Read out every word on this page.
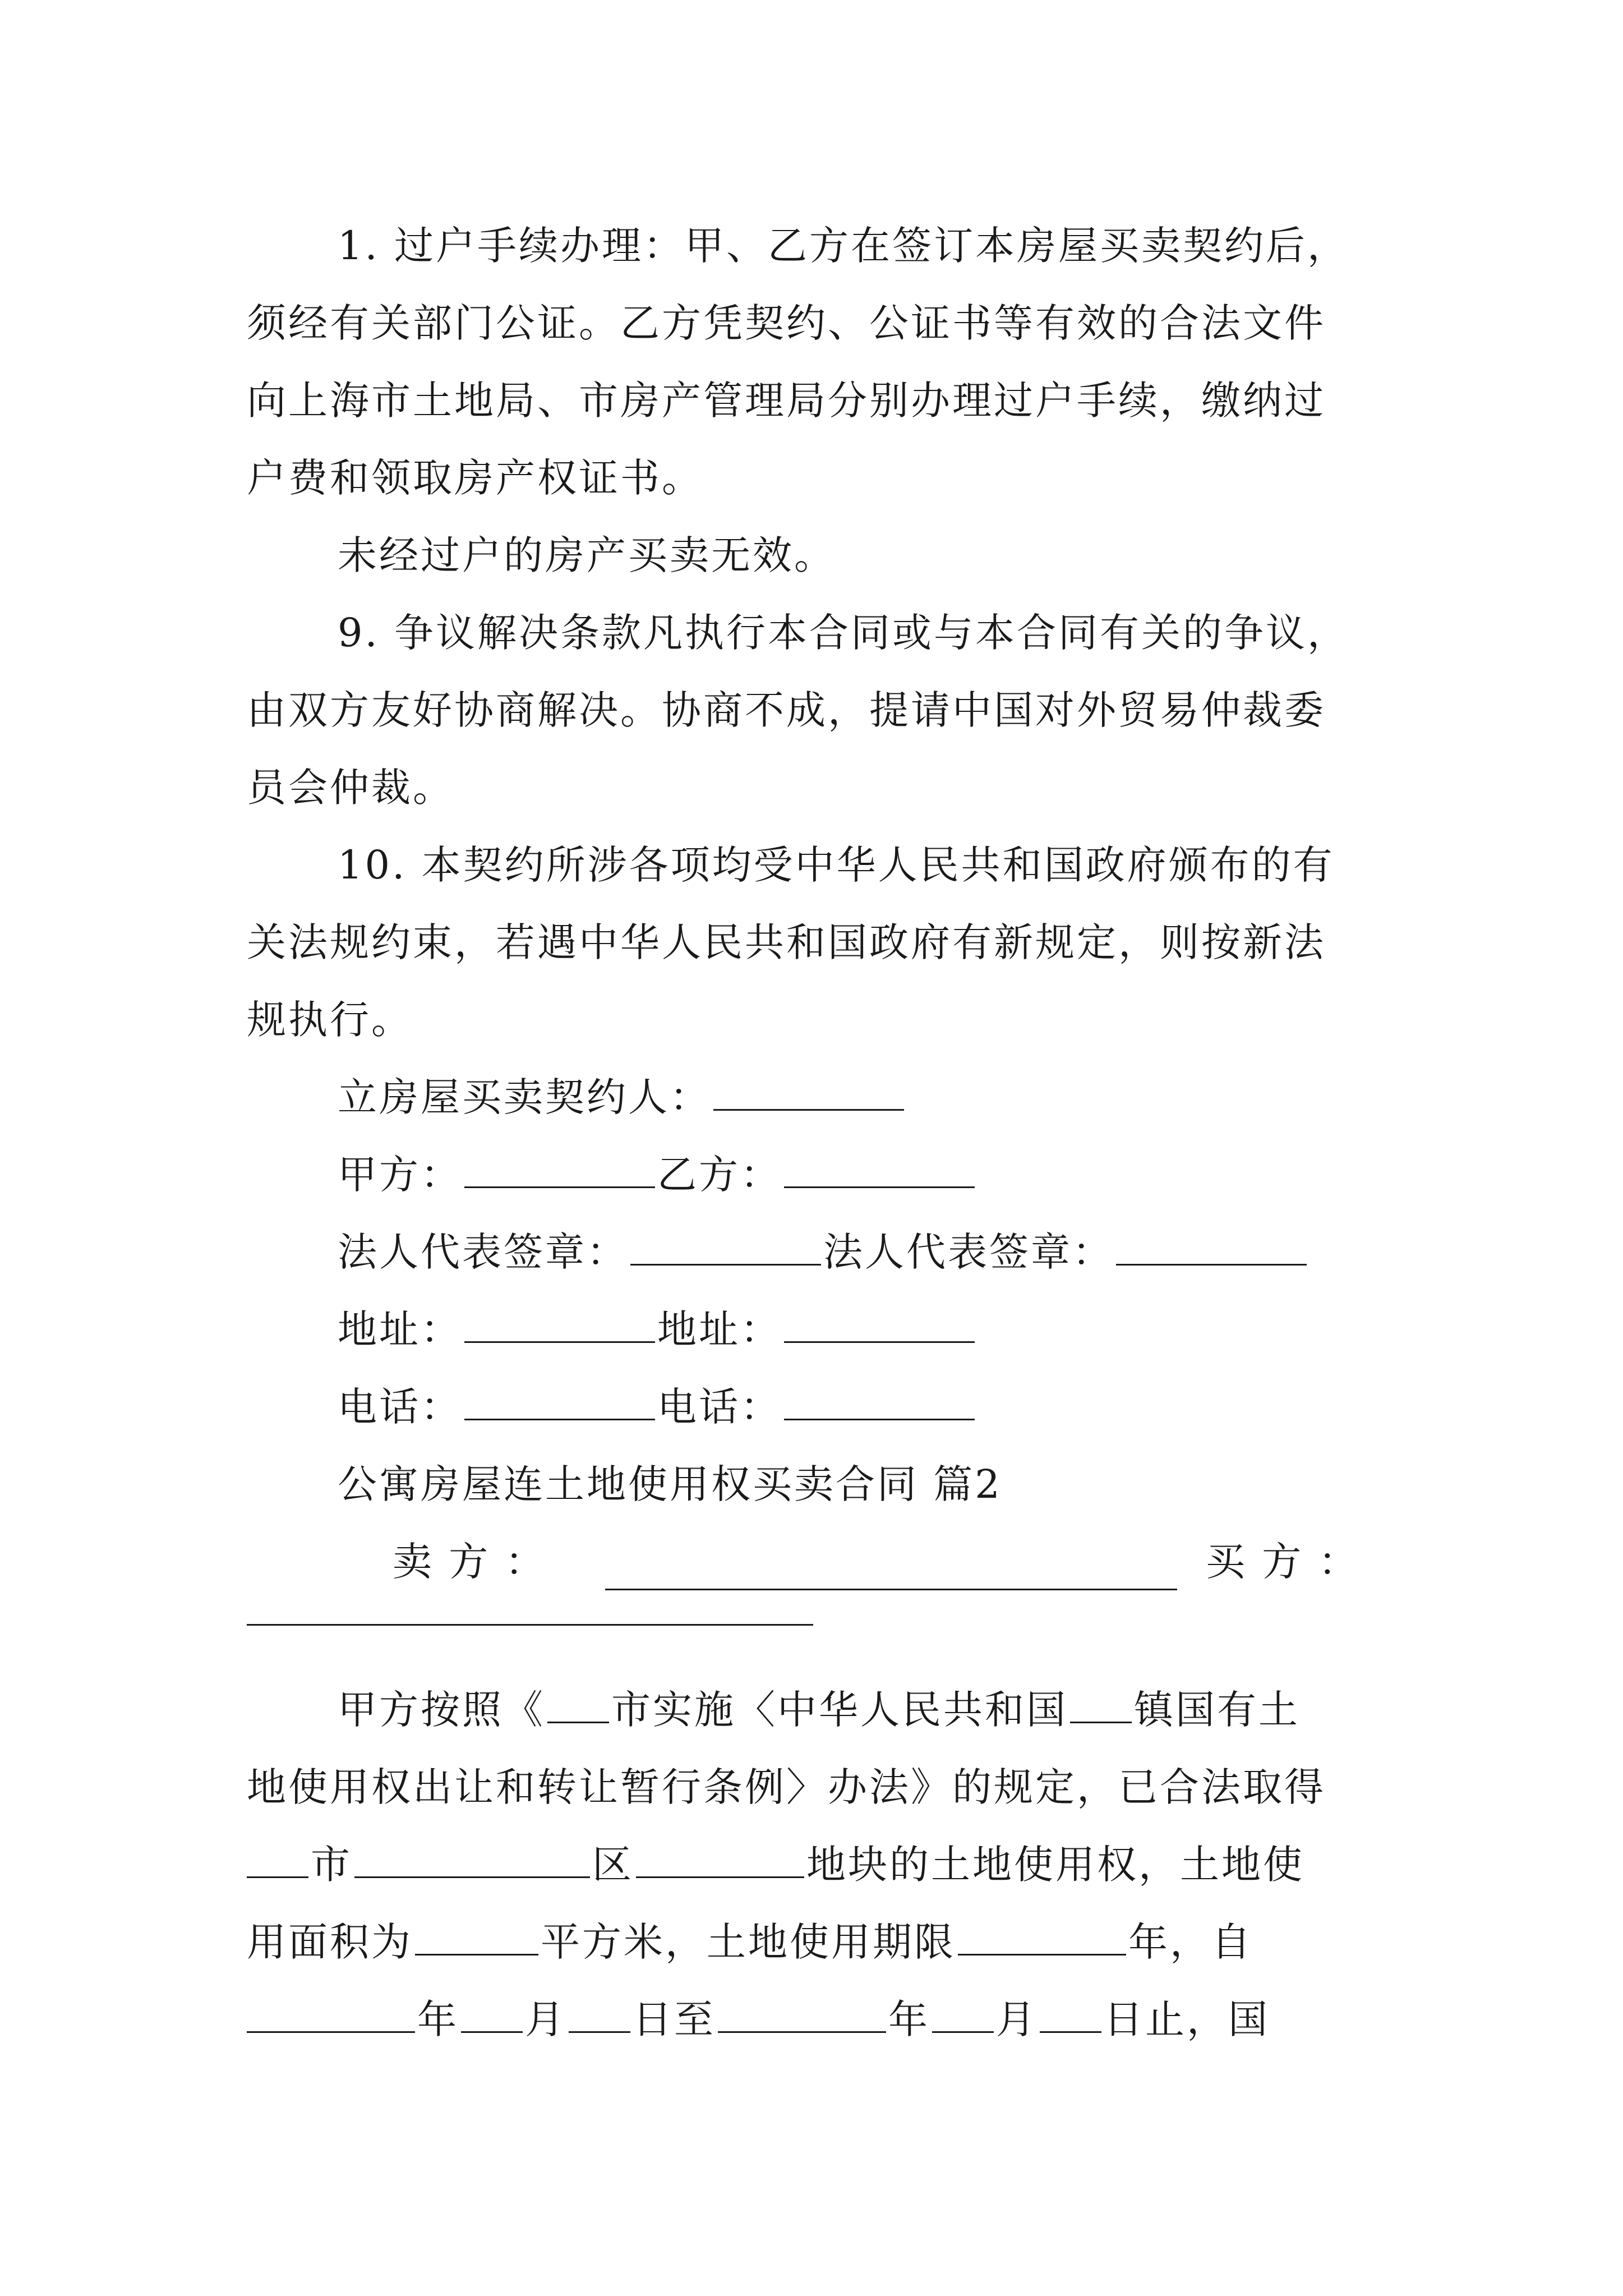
1. 过户手续办理：甲、乙方在签订本房屋买卖契约后，
须经有关部门公证。乙方凭契约、公证书等有效的合法文件
向上海市土地局、市房产管理局分别办理过户手续，缴纳过
户费和领取房产权证书。
未经过户的房产买卖无效。
9. 争议解决条款凡执行本合同或与本合同有关的争议，
由双方友好协商解决。协商不成，提请中国对外贸易仲裁委
员会仲裁。
10. 本契约所涉各项均受中华人民共和国政府颁布的有
关法规约束，若遇中华人民共和国政府有新规定，则按新法
规执行。
立房屋买卖契约人：
甲方：	乙方：
法人代表签章：	法人代表签章：
地址：	地址：
电话：	电话：
公寓房屋连土地使用权买卖合同 篇2
卖 方 ：	买 方 ：
甲方按照《 市实施〈中华人民共和国 镇国有土
地使用权出让和转让暂行条例〉办法》的规定，已合法取得
市	区	地块的土地使用权，土地使
用面积为	平方米，土地使用期限	年，自
年 月 日至	年 月 日止，国
